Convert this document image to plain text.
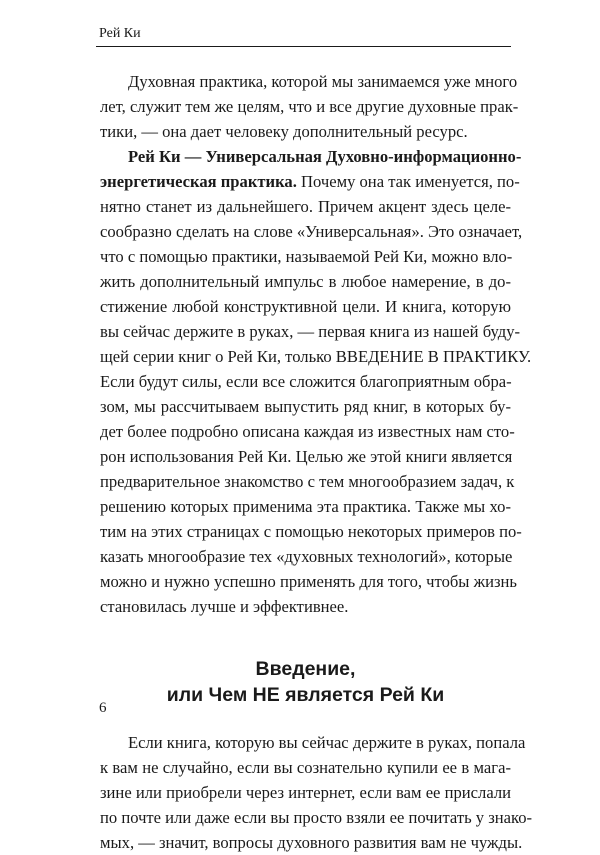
Рей Ки
Духовная практика, которой мы занимаемся уже много
лет, служит тем же целям, что и все другие духовные прак-
тики, — она дает человеку дополнительный ресурс.
Рей Ки — Универсальная Духовно-информационно-
энергетическая практика. Почему она так именуется, по-
нятно станет из дальнейшего. Причем акцент здесь целе-
сообразно сделать на слове «Универсальная». Это означает,
что с помощью практики, называемой Рей Ки, можно вло-
жить дополнительный импульс в любое намерение, в до-
стижение любой конструктивной цели. И книга, которую
вы сейчас держите в руках, — первая книга из нашей буду-
щей серии книг о Рей Ки, только ВВЕДЕНИЕ В ПРАКТИКУ.
Если будут силы, если все сложится благоприятным обра-
зом, мы рассчитываем выпустить ряд книг, в которых бу-
дет более подробно описана каждая из известных нам сто-
рон использования Рей Ки. Целью же этой книги является
предварительное знакомство с тем многообразием задач, к
решению которых применима эта практика. Также мы хо-
тим на этих страницах с помощью некоторых примеров по-
казать многообразие тех «духовных технологий», которые
можно и нужно успешно применять для того, чтобы жизнь
становилась лучше и эффективнее.
Введение,
или Чем НЕ является Рей Ки
Если книга, которую вы сейчас держите в руках, попала
к вам не случайно, если вы сознательно купили ее в мага-
зине или приобрели через интернет, если вам ее прислали
по почте или даже если вы просто взяли ее почитать у знако-
мых, — значит, вопросы духовного развития вам не чужды.
6
